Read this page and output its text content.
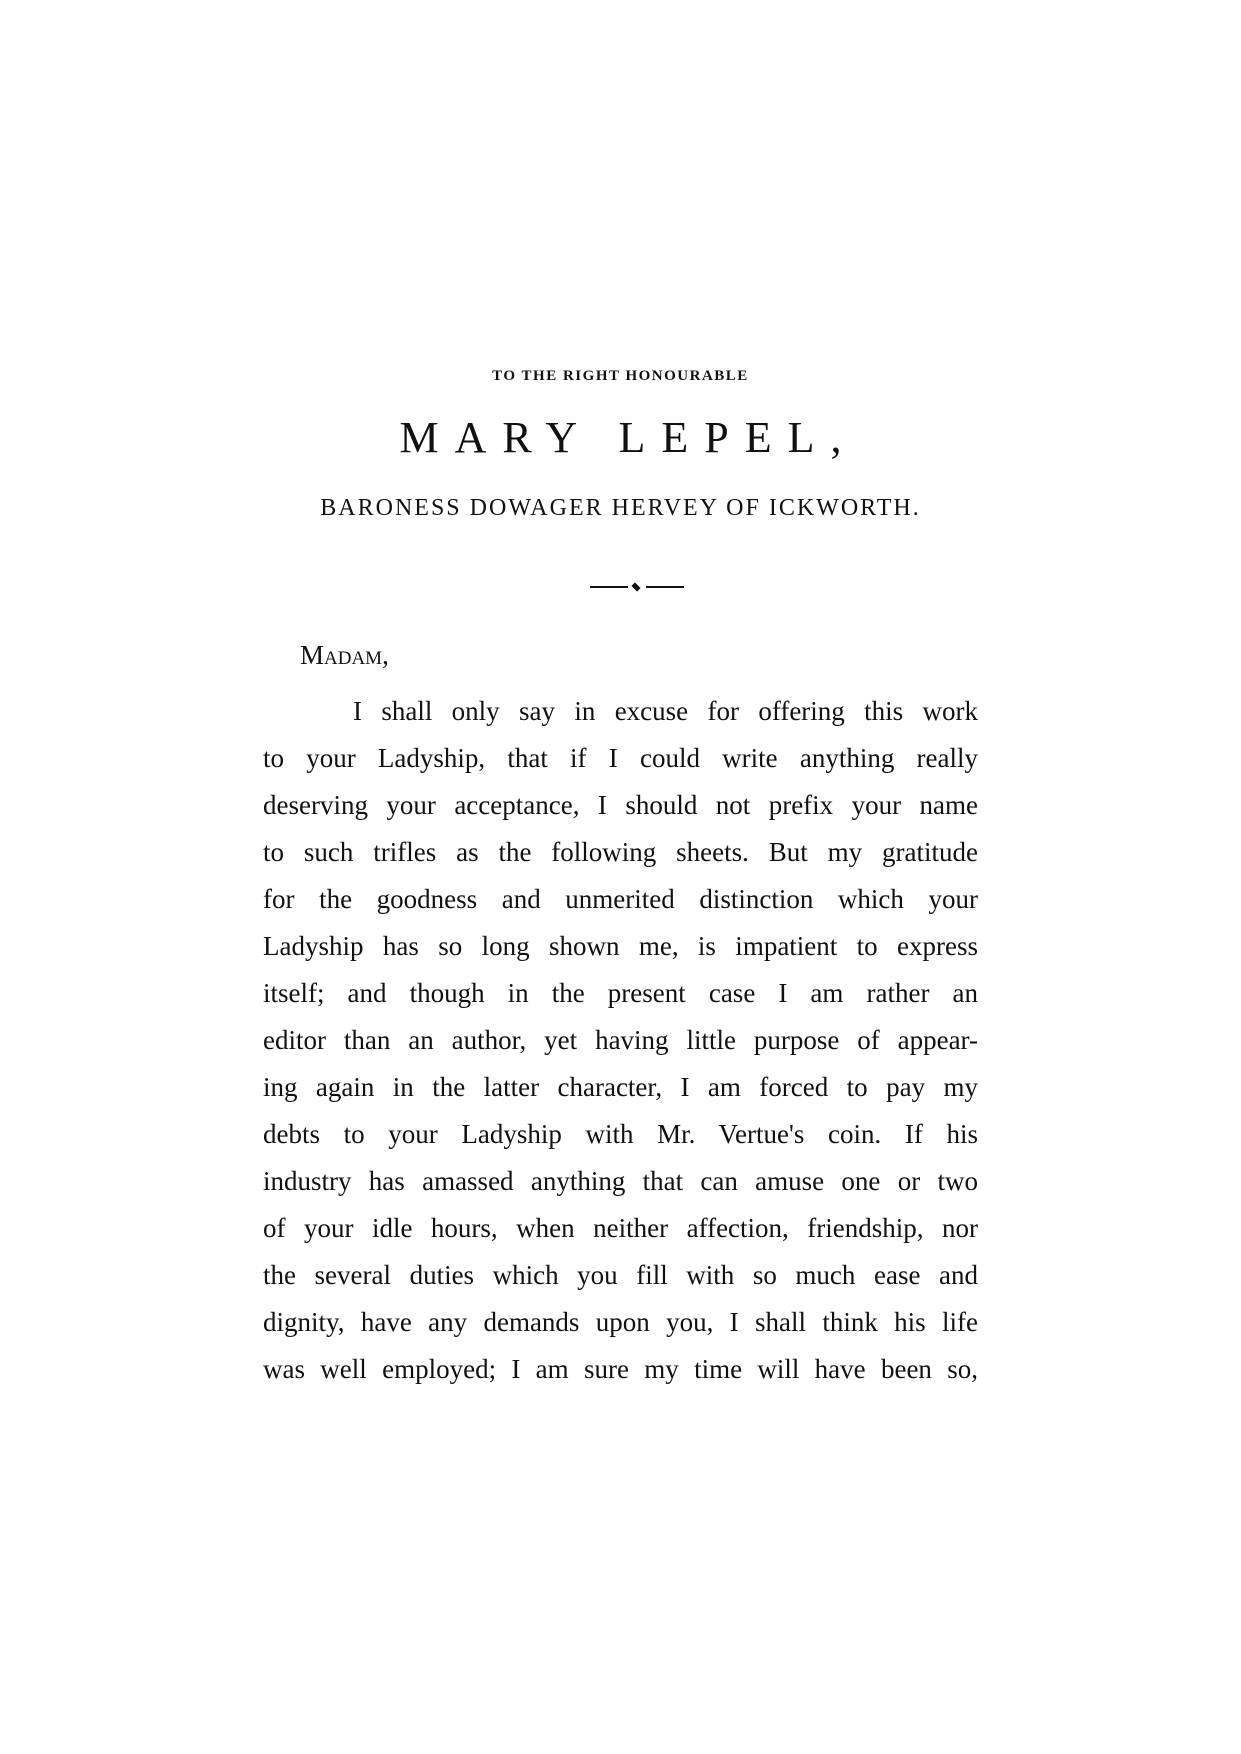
TO THE RIGHT HONOURABLE
MARY LEPEL,
BARONESS DOWAGER HERVEY OF ICKWORTH.
Madam,
I shall only say in excuse for offering this work
to your Ladyship, that if I could write anything really
deserving your acceptance, I should not prefix your name
to such trifles as the following sheets. But my gratitude
for the goodness and unmerited distinction which your
Ladyship has so long shown me, is impatient to express
itself; and though in the present case I am rather an
editor than an author, yet having little purpose of appear-
ing again in the latter character, I am forced to pay my
debts to your Ladyship with Mr. Vertue's coin. If his
industry has amassed anything that can amuse one or two
of your idle hours, when neither affection, friendship, nor
the several duties which you fill with so much ease and
dignity, have any demands upon you, I shall think his life
was well employed; I am sure my time will have been so,
